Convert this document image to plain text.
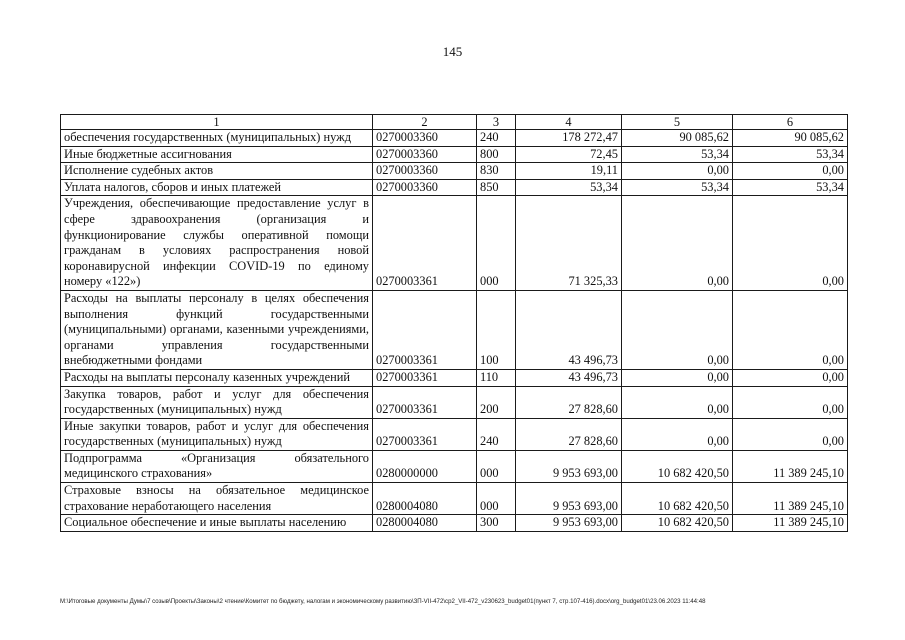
145
1	2	3	4	5	6
обеспечения государственных (муниципальных) нужд	0270003360	240	178 272,47	90 085,62	90 085,62
Иные бюджетные ассигнования	0270003360	800	72,45	53,34	53,34
Исполнение судебных актов	0270003360	830	19,11	0,00	0,00
Уплата налогов, сборов и иных платежей	0270003360	850	53,34	53,34	53,34
Учреждения, обеспечивающие предоставление услуг в сфере здравоохранения (организация и функционирование службы оперативной помощи гражданам в условиях распространения новой коронавирусной инфекции COVID-19 по единому номеру «122»)	0270003361	000	71 325,33	0,00	0,00
Расходы на выплаты персоналу в целях обеспечения выполнения функций государственными (муниципальными) органами, казенными учреждениями, органами управления государственными внебюджетными фондами	0270003361	100	43 496,73	0,00	0,00
Расходы на выплаты персоналу казенных учреждений	0270003361	110	43 496,73	0,00	0,00
Закупка товаров, работ и услуг для обеспечения государственных (муниципальных) нужд	0270003361	200	27 828,60	0,00	0,00
Иные закупки товаров, работ и услуг для обеспечения государственных (муниципальных) нужд	0270003361	240	27 828,60	0,00	0,00
Подпрограмма «Организация обязательного медицинского страхования»	0280000000	000	9 953 693,00	10 682 420,50	11 389 245,10
Страховые взносы на обязательное медицинское страхование неработающего населения	0280004080	000	9 953 693,00	10 682 420,50	11 389 245,10
Социальное обеспечение и иные выплаты населению	0280004080	300	9 953 693,00	10 682 420,50	11 389 245,10
M:\Итоговые документы Думы\7 созыв\Проекты\Законы\2 чтение\Комитет по бюджету, налогам и экономическому развитию\ЗП-VII-472\cp2_VII-472_v230623_budget01(пункт 7, стр.107-416).docx\org_budget01\23.06.2023 11:44:48
